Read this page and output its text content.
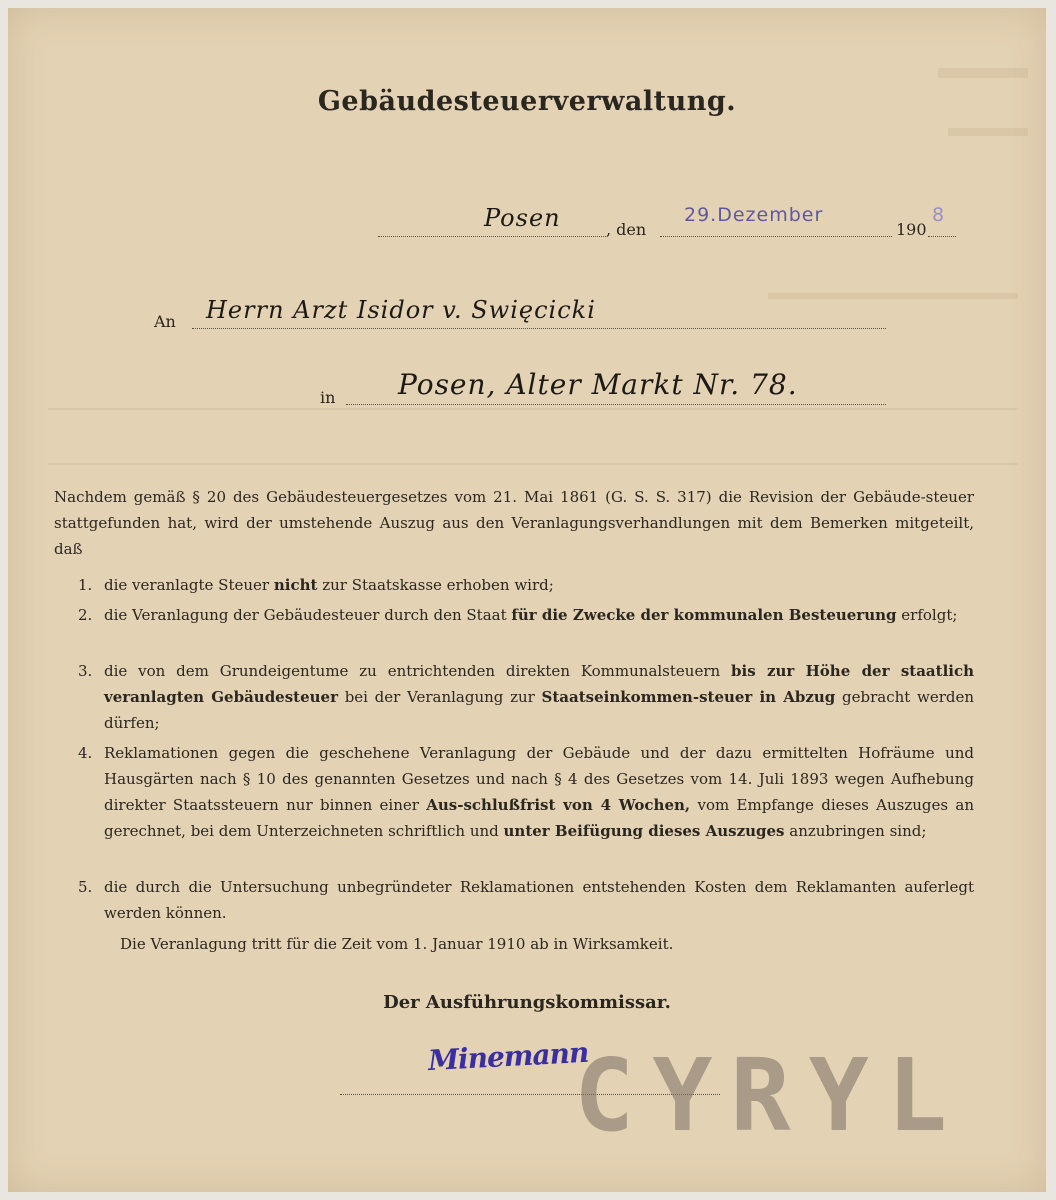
Gebäudesteuerverwaltung.
Posen	, den
29.Dezember
190
8
An Herrn Arzt Isidor v. Swięcicki
in Posen, Alter Markt Nr. 78.
Nachdem gemäß § 20 des Gebäudesteuergesetzes vom 21. Mai 1861 (G. S. S. 317) die Revision der Gebäude-steuer stattgefunden hat, wird der umstehende Auszug aus den Veranlagungsverhandlungen mit dem Bemerken mitgeteilt, daß
1. die veranlagte Steuer nicht zur Staatskasse erhoben wird;
2. die Veranlagung der Gebäudesteuer durch den Staat für die Zwecke der kommunalen Besteuerung erfolgt;
3. die von dem Grundeigentume zu entrichtenden direkten Kommunalsteuern bis zur Höhe der staatlich veranlagten Gebäudesteuer bei der Veranlagung zur Staatseinkommen-steuer in Abzug gebracht werden dürfen;
4. Reklamationen gegen die geschehene Veranlagung der Gebäude und der dazu ermittelten Hofräume und Hausgärten nach § 10 des genannten Gesetzes und nach § 4 des Gesetzes vom 14. Juli 1893 wegen Aufhebung direkter Staatssteuern nur binnen einer Aus-schlußfrist von 4 Wochen, vom Empfange dieses Auszuges an gerechnet, bei dem Unterzeichneten schriftlich und unter Beifügung dieses Auszuges anzubringen sind;
5. die durch die Untersuchung unbegründeter Reklamationen entstehenden Kosten dem Reklamanten auferlegt werden können.
Die Veranlagung tritt für die Zeit vom 1. Januar 1910 ab in Wirksamkeit.
Der Ausführungskommissar.
Minemann
CYRYL
